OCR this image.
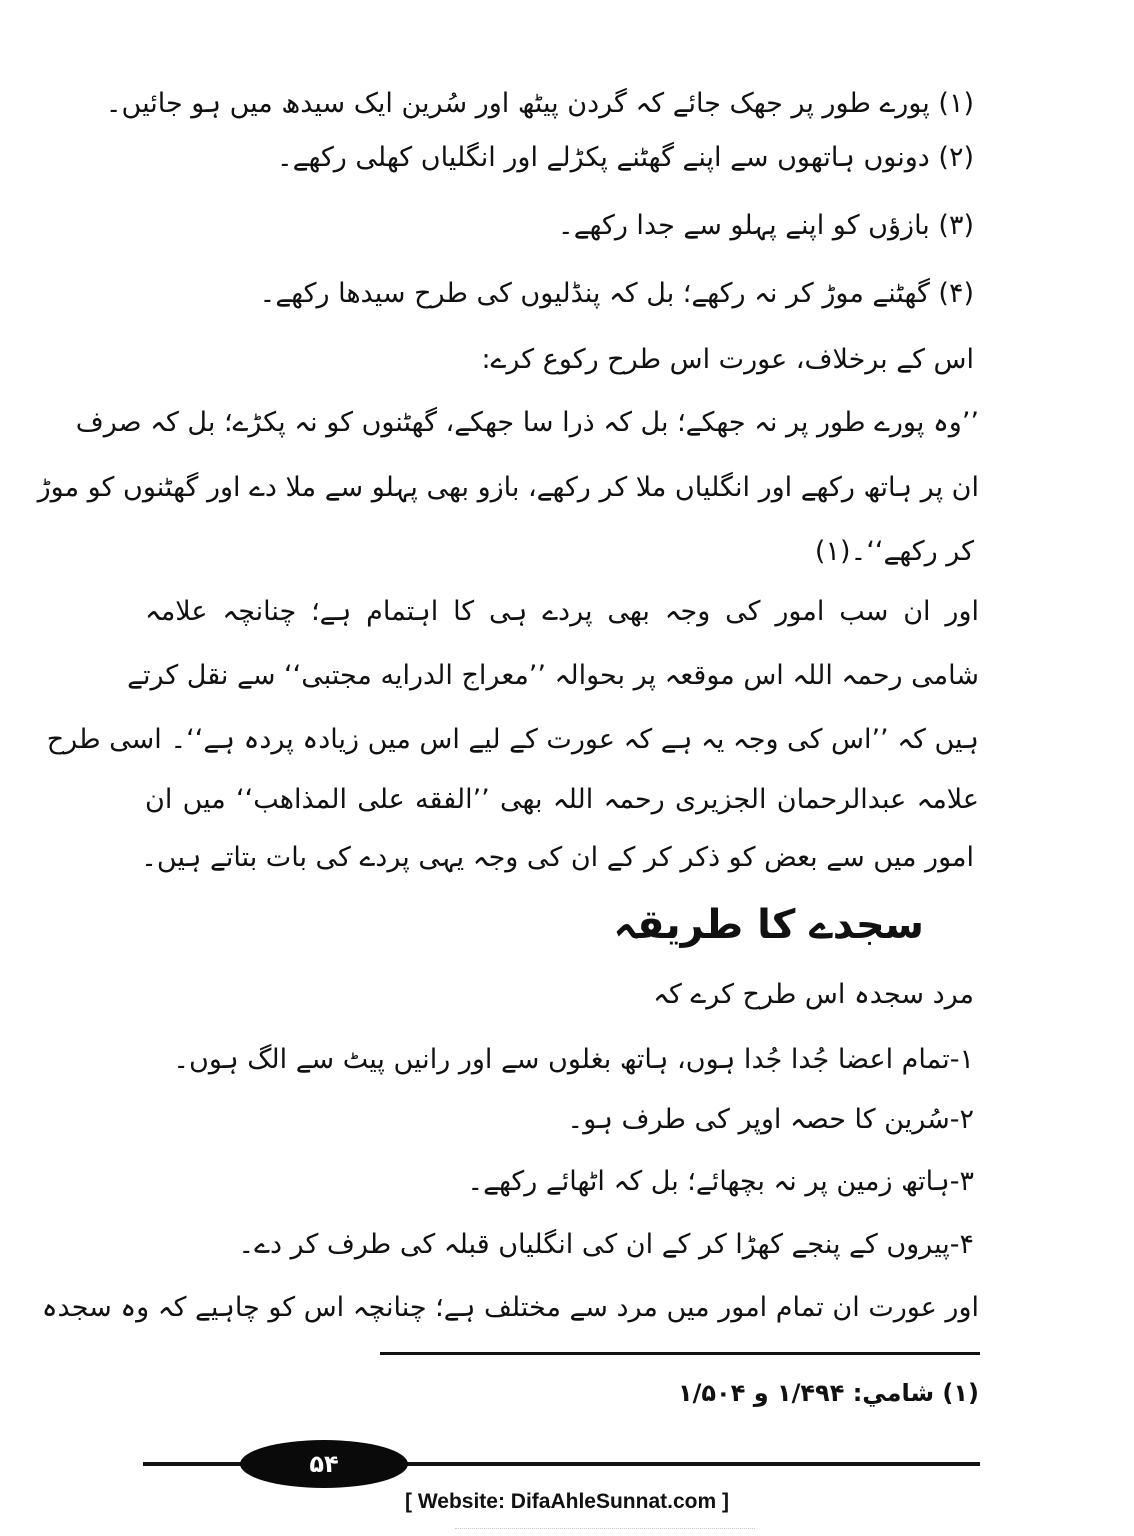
(۱) پورے طور پر جھک جائے کہ گردن پیٹھ اور سُرین ایک سیدھ میں ہو جائیں۔
(۲) دونوں ہاتھوں سے اپنے گھٹنے پکڑلے اور انگلیاں کھلی رکھے۔
(۳) بازؤں کو اپنے پہلو سے جدا رکھے۔
(۴) گھٹنے موڑ کر نہ رکھے؛ بل کہ پنڈلیوں کی طرح سیدھا رکھے۔
اس کے برخلاف، عورت اس طرح رکوع کرے:
’’وہ پورے طور پر نہ جھکے؛ بل کہ ذرا سا جھکے، گھٹنوں کو نہ پکڑے؛ بل کہ صرف
ان پر ہاتھ رکھے اور انگلیاں ملا کر رکھے، بازو بھی پہلو سے ملا دے اور گھٹنوں کو موڑ
کر رکھے‘‘۔(۱)
اور ان سب امور کی وجہ بھی پردے ہی کا اہتمام ہے؛ چنانچہ علامہ
شامی رحمہ اللہ اس موقعہ پر بحوالہ ’’معراج الدرایه مجتبی‘‘ سے نقل کرتے
ہیں کہ ’’اس کی وجہ یہ ہے کہ عورت کے لیے اس میں زیادہ پردہ ہے‘‘۔ اسی طرح
علامہ عبدالرحمان الجزیری رحمہ اللہ بھی ’’الفقه علی المذاهب‘‘ میں ان
امور میں سے بعض کو ذکر کر کے ان کی وجہ یہی پردے کی بات بتاتے ہیں۔
سجدے کا طریقہ
مرد سجدہ اس طرح کرے کہ
۱-تمام اعضا جُدا جُدا ہوں، ہاتھ بغلوں سے اور رانیں پیٹ سے الگ ہوں۔
۲-سُرین کا حصہ اوپر کی طرف ہو۔
۳-ہاتھ زمین پر نہ بچھائے؛ بل کہ اٹھائے رکھے۔
۴-پیروں کے پنجے کھڑا کر کے ان کی انگلیاں قبلہ کی طرف کر دے۔
اور عورت ان تمام امور میں مرد سے مختلف ہے؛ چنانچہ اس کو چاہیے کہ وہ سجدہ
(۱) شامي: ۱/۴۹۴ و ۱/۵۰۴
۵۴
[ Website: DifaAhleSunnat.com ]
